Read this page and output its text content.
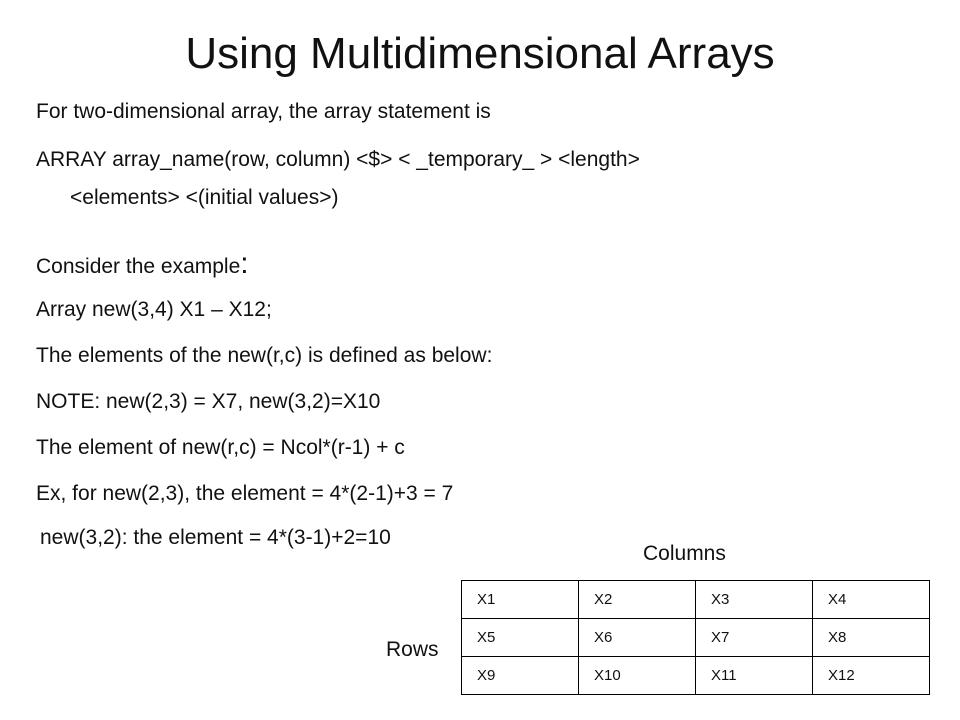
Using Multidimensional Arrays
For two-dimensional array, the array statement is
ARRAY array_name(row, column) <$> < _temporary_ > <length>
<elements> <(initial values>)
Consider the example:
Array new(3,4) X1 – X12;
The elements of the new(r,c) is defined as below:
NOTE: new(2,3) = X7, new(3,2)=X10
The element of new(r,c) = Ncol*(r-1) + c
Ex, for new(2,3), the element = 4*(2-1)+3 = 7
new(3,2): the element = 4*(3-1)+2=10
Columns
Rows
X1	X2	X3	X4
X5	X6	X7	X8
X9	X10	X11	X12
